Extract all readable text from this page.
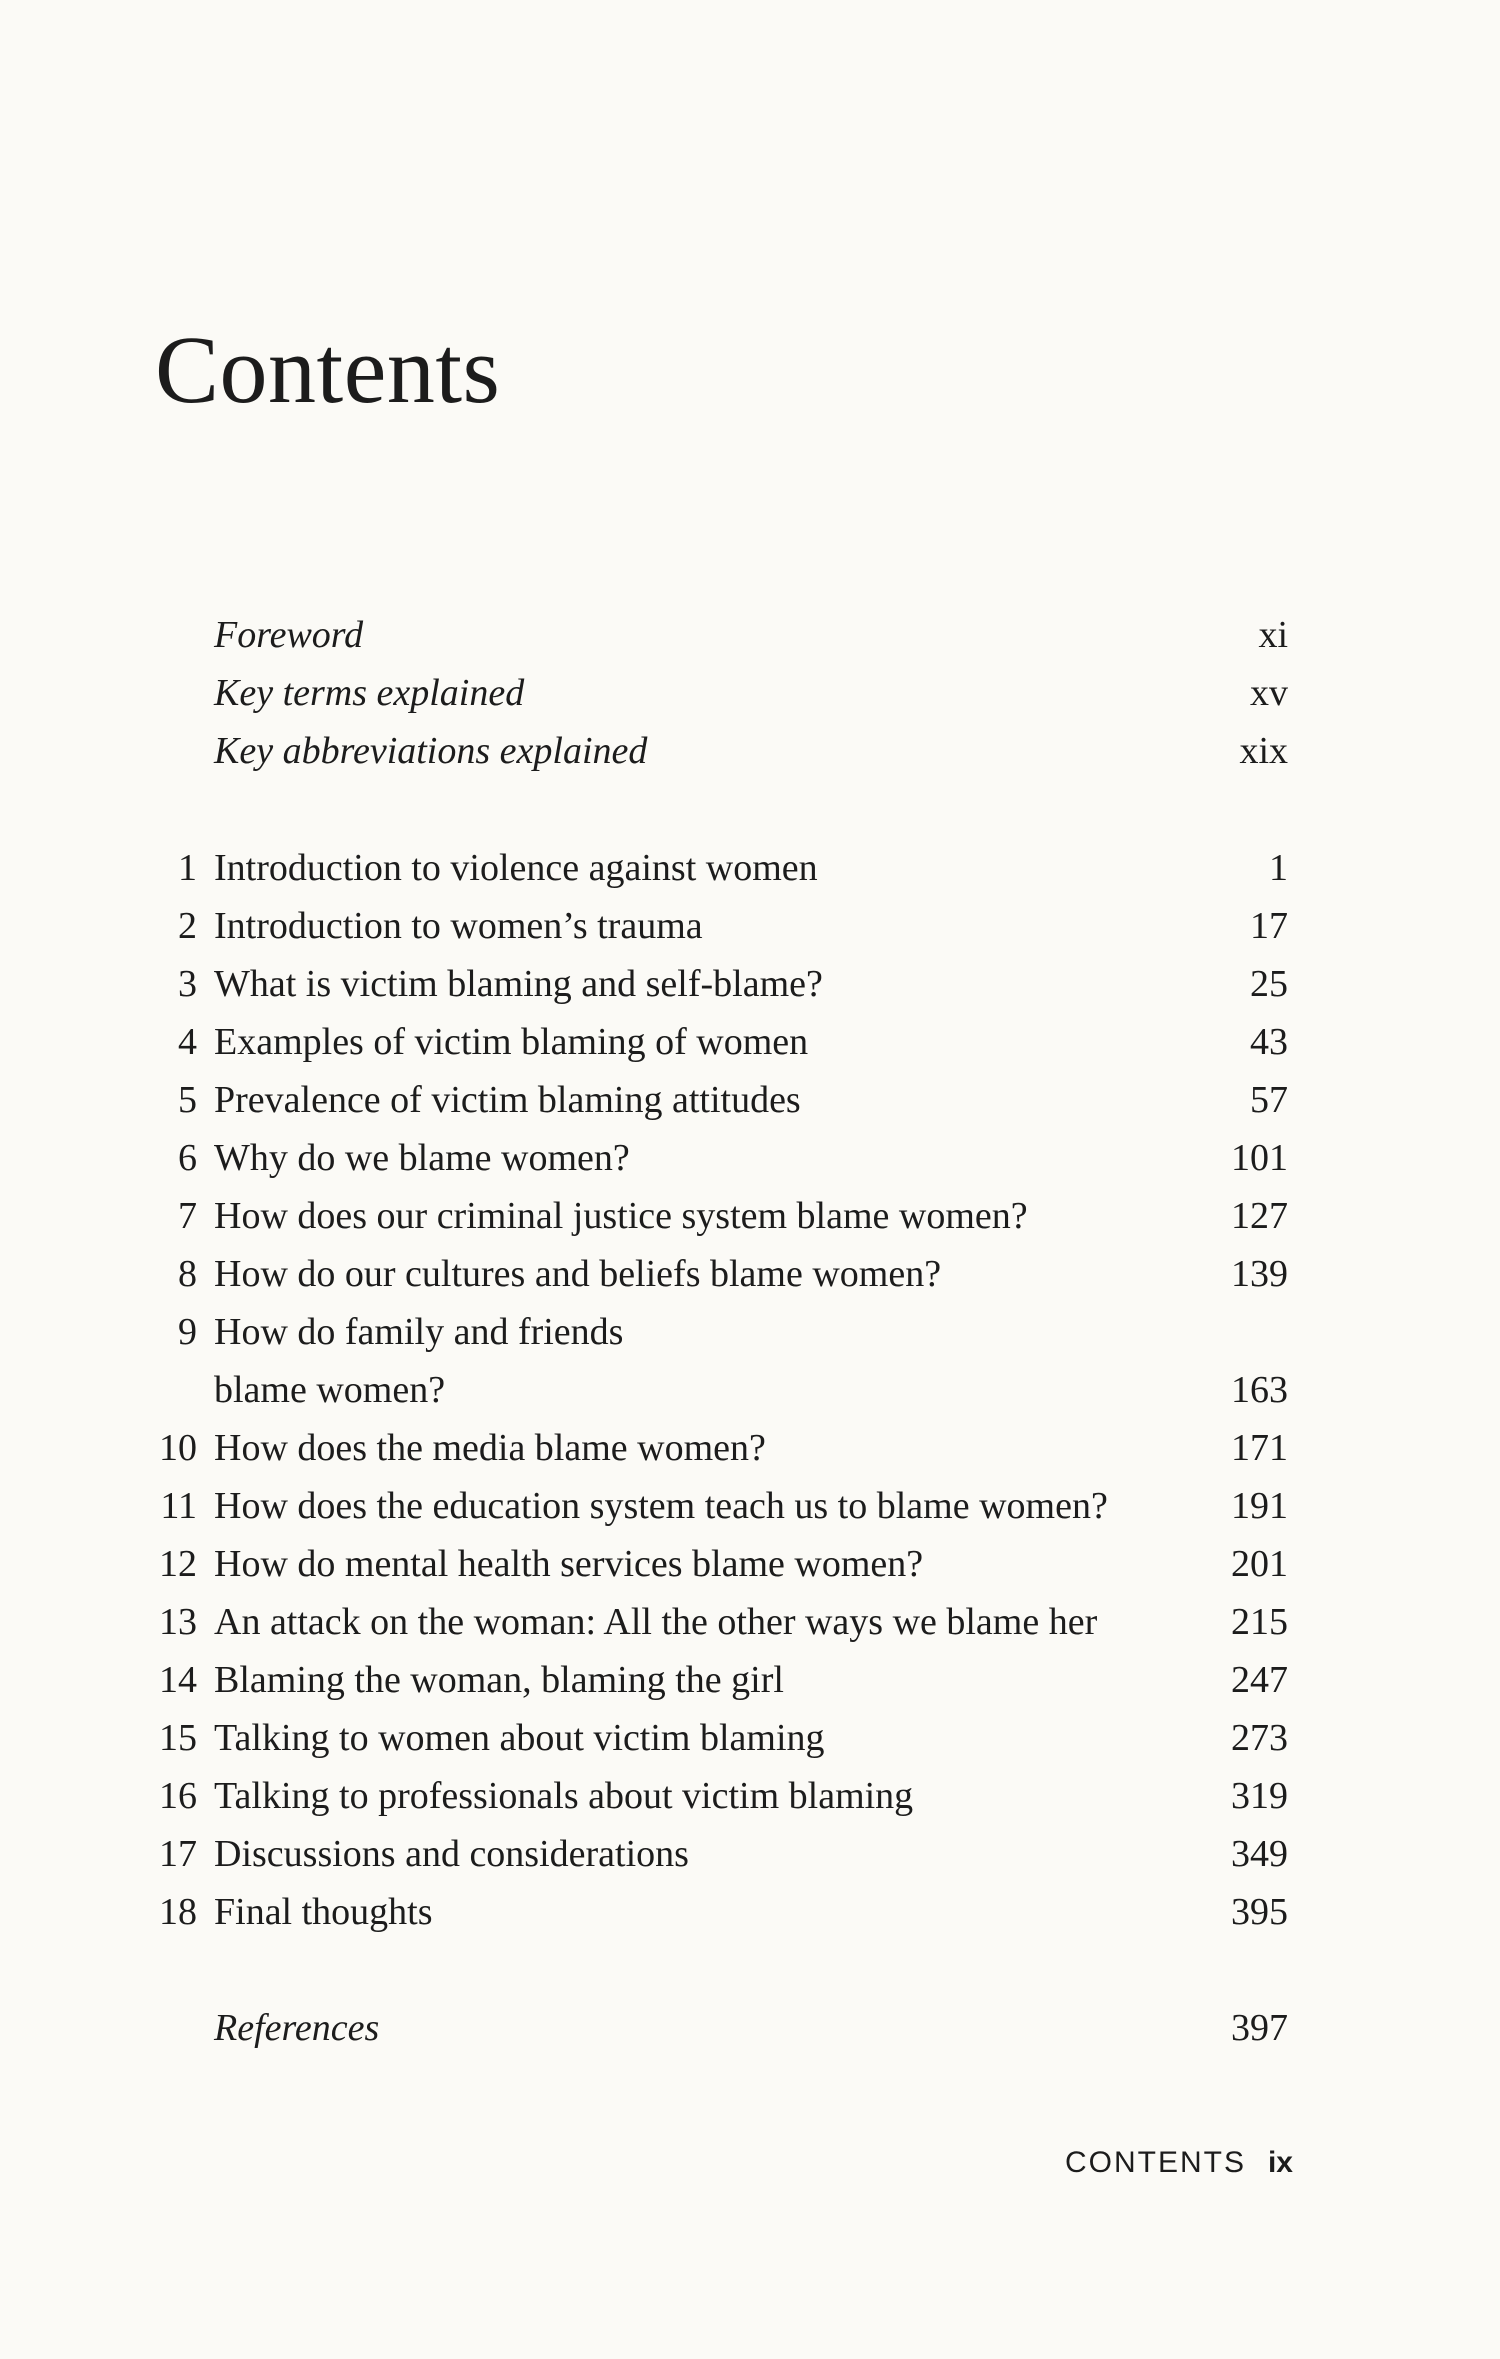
Contents
Foreword	xi
Key terms explained	xv
Key abbreviations explained	xix
1 Introduction to violence against women	1
2 Introduction to women’s trauma	17
3 What is victim blaming and self-blame?	25
4 Examples of victim blaming of women	43
5 Prevalence of victim blaming attitudes	57
6 Why do we blame women?	101
7 How does our criminal justice system blame women?	127
8 How do our cultures and beliefs blame women?	139
9 How do family and friends
blame women?	163
10 How does the media blame women?	171
11 How does the education system teach us to blame women?	191
12 How do mental health services blame women?	201
13 An attack on the woman: All the other ways we blame her	215
14 Blaming the woman, blaming the girl	247
15 Talking to women about victim blaming	273
16 Talking to professionals about victim blaming	319
17 Discussions and considerations	349
18 Final thoughts	395
References	397
CONTENTS ix
